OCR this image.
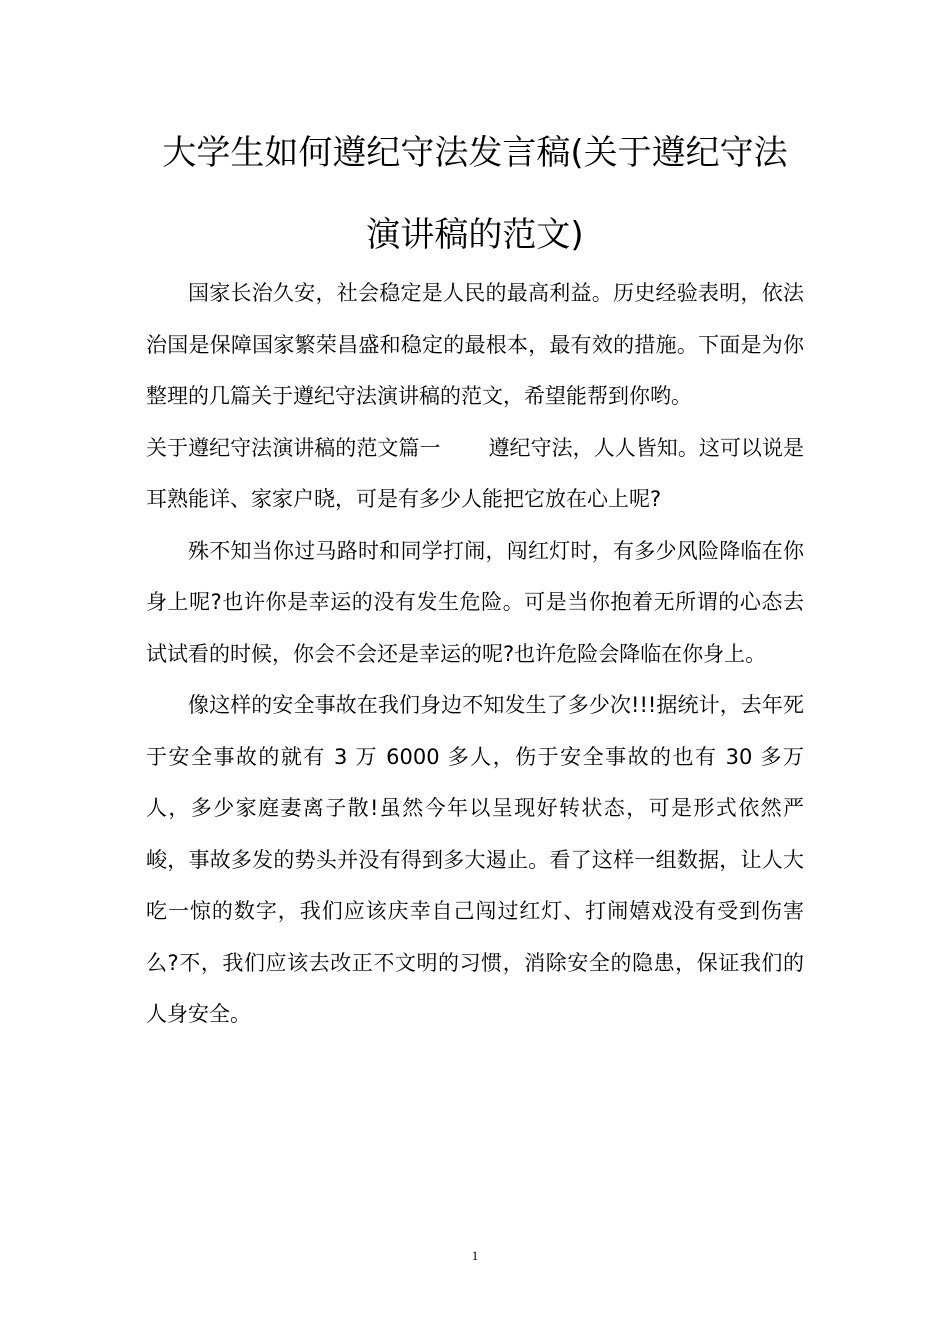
大学生如何遵纪守法发言稿(关于遵纪守法演讲稿的范文)

国家长治久安，社会稳定是人民的最高利益。历史经验表明，依法治国是保障国家繁荣昌盛和稳定的最根本，最有效的措施。下面是为你整理的几篇关于遵纪守法演讲稿的范文，希望能帮到你哟。

关于遵纪守法演讲稿的范文篇一 遵纪守法，人人皆知。这可以说是耳熟能详、家家户晓，可是有多少人能把它放在心上呢?

殊不知当你过马路时和同学打闹，闯红灯时，有多少风险降临在你身上呢?也许你是幸运的没有发生危险。可是当你抱着无所谓的心态去试试看的时候，你会不会还是幸运的呢?也许危险会降临在你身上。

像这样的安全事故在我们身边不知发生了多少次!!!据统计，去年死于安全事故的就有 3 万 6000 多人，伤于安全事故的也有 30 多万人，多少家庭妻离子散!虽然今年以呈现好转状态，可是形式依然严峻，事故多发的势头并没有得到多大遏止。看了这样一组数据，让人大吃一惊的数字，我们应该庆幸自己闯过红灯、打闹嬉戏没有受到伤害么?不，我们应该去改正不文明的习惯，消除安全的隐患，保证我们的人身安全。

1
